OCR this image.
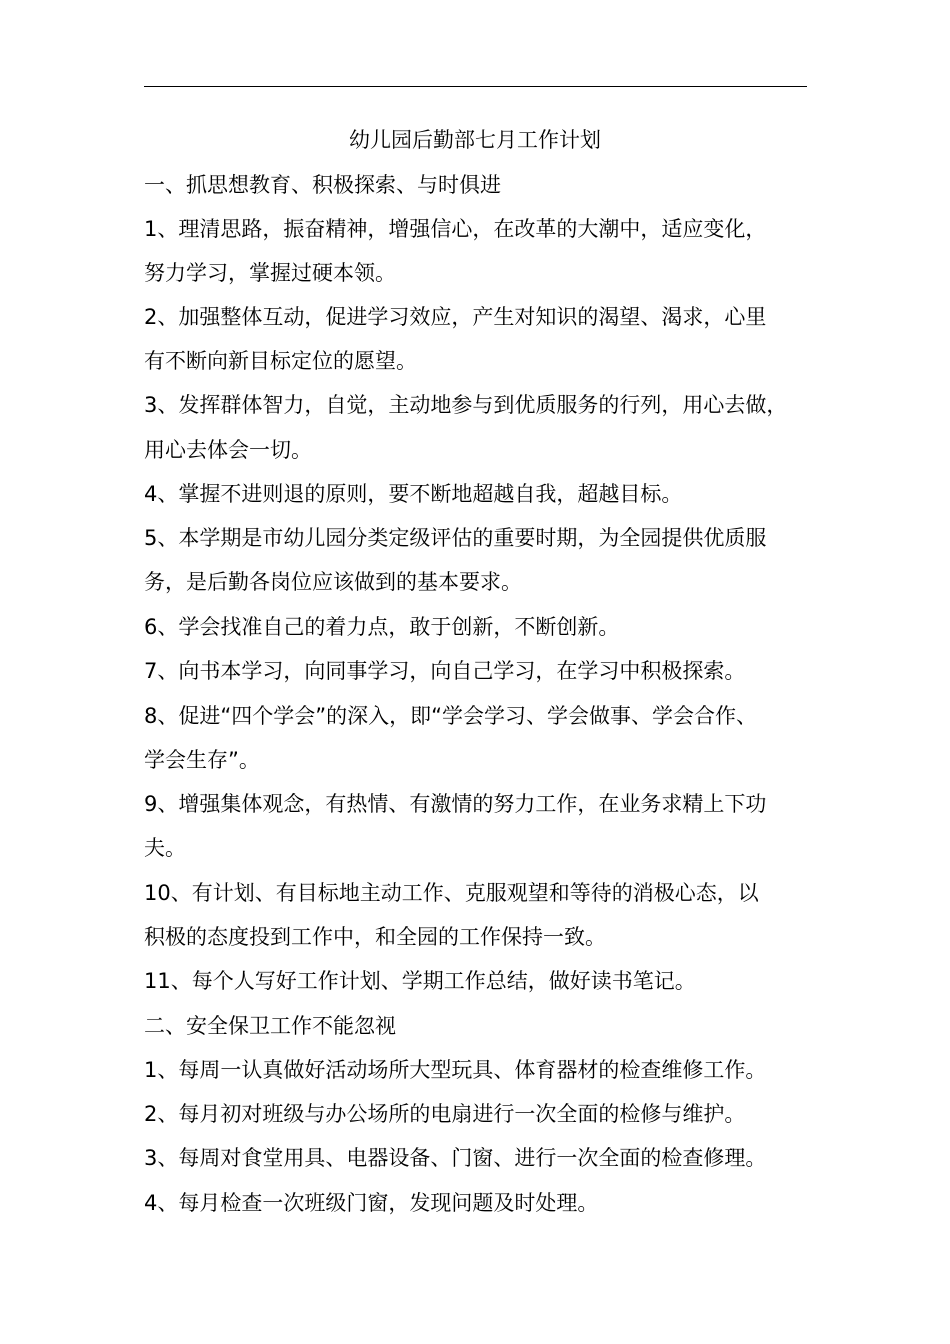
幼儿园后勤部七月工作计划
一、抓思想教育、积极探索、与时俱进
1、理清思路，振奋精神，增强信心，在改革的大潮中，适应变化，
努力学习，掌握过硬本领。
2、加强整体互动，促进学习效应，产生对知识的渴望、渴求，心里
有不断向新目标定位的愿望。
3、发挥群体智力，自觉，主动地参与到优质服务的行列，用心去做，
用心去体会一切。
4、掌握不进则退的原则，要不断地超越自我，超越目标。
5、本学期是市幼儿园分类定级评估的重要时期，为全园提供优质服
务，是后勤各岗位应该做到的基本要求。
6、学会找准自己的着力点，敢于创新，不断创新。
7、向书本学习，向同事学习，向自己学习，在学习中积极探索。
8、促进“四个学会”的深入，即“学会学习、学会做事、学会合作、
学会生存”。
9、增强集体观念，有热情、有激情的努力工作，在业务求精上下功
夫。
10、有计划、有目标地主动工作、克服观望和等待的消极心态，以
积极的态度投到工作中，和全园的工作保持一致。
11、每个人写好工作计划、学期工作总结，做好读书笔记。
二、安全保卫工作不能忽视
1、每周一认真做好活动场所大型玩具、体育器材的检查维修工作。
2、每月初对班级与办公场所的电扇进行一次全面的检修与维护。
3、每周对食堂用具、电器设备、门窗、进行一次全面的检查修理。
4、每月检查一次班级门窗，发现问题及时处理。
